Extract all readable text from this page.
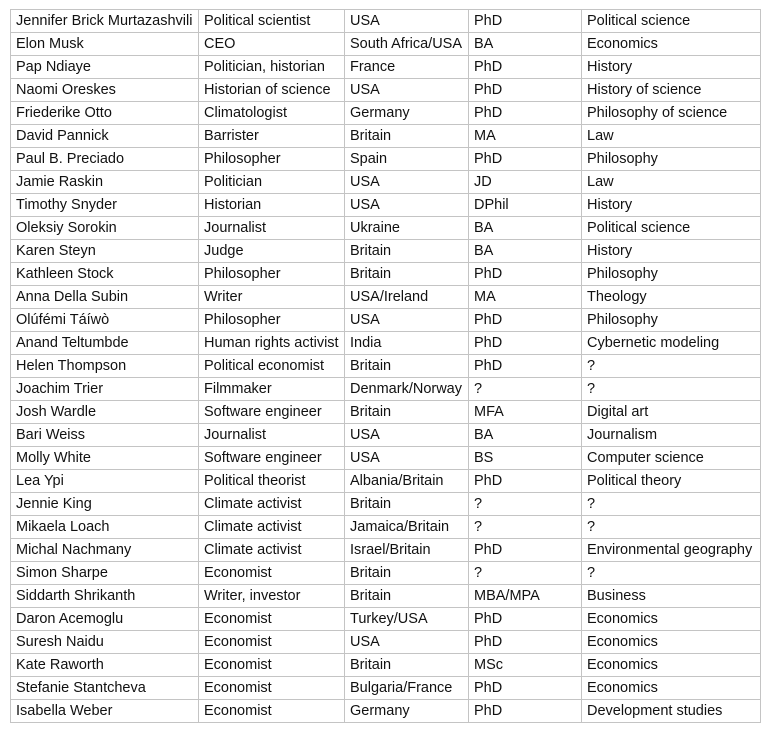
Jennifer Brick Murtazashvili	Political scientist	USA	PhD	Political science
Elon Musk	CEO	South Africa/USA	BA	Economics
Pap Ndiaye	Politician, historian	France	PhD	History
Naomi Oreskes	Historian of science	USA	PhD	History of science
Friederike Otto	Climatologist	Germany	PhD	Philosophy of science
David Pannick	Barrister	Britain	MA	Law
Paul B. Preciado	Philosopher	Spain	PhD	Philosophy
Jamie Raskin	Politician	USA	JD	Law
Timothy Snyder	Historian	USA	DPhil	History
Oleksiy Sorokin	Journalist	Ukraine	BA	Political science
Karen Steyn	Judge	Britain	BA	History
Kathleen Stock	Philosopher	Britain	PhD	Philosophy
Anna Della Subin	Writer	USA/Ireland	MA	Theology
Olúfémi Táíwò	Philosopher	USA	PhD	Philosophy
Anand Teltumbde	Human rights activist	India	PhD	Cybernetic modeling
Helen Thompson	Political economist	Britain	PhD	?
Joachim Trier	Filmmaker	Denmark/Norway	?	?
Josh Wardle	Software engineer	Britain	MFA	Digital art
Bari Weiss	Journalist	USA	BA	Journalism
Molly White	Software engineer	USA	BS	Computer science
Lea Ypi	Political theorist	Albania/Britain	PhD	Political theory
Jennie King	Climate activist	Britain	?	?
Mikaela Loach	Climate activist	Jamaica/Britain	?	?
Michal Nachmany	Climate activist	Israel/Britain	PhD	Environmental geography
Simon Sharpe	Economist	Britain	?	?
Siddarth Shrikanth	Writer, investor	Britain	MBA/MPA	Business
Daron Acemoglu	Economist	Turkey/USA	PhD	Economics
Suresh Naidu	Economist	USA	PhD	Economics
Kate Raworth	Economist	Britain	MSc	Economics
Stefanie Stantcheva	Economist	Bulgaria/France	PhD	Economics
Isabella Weber	Economist	Germany	PhD	Development studies
